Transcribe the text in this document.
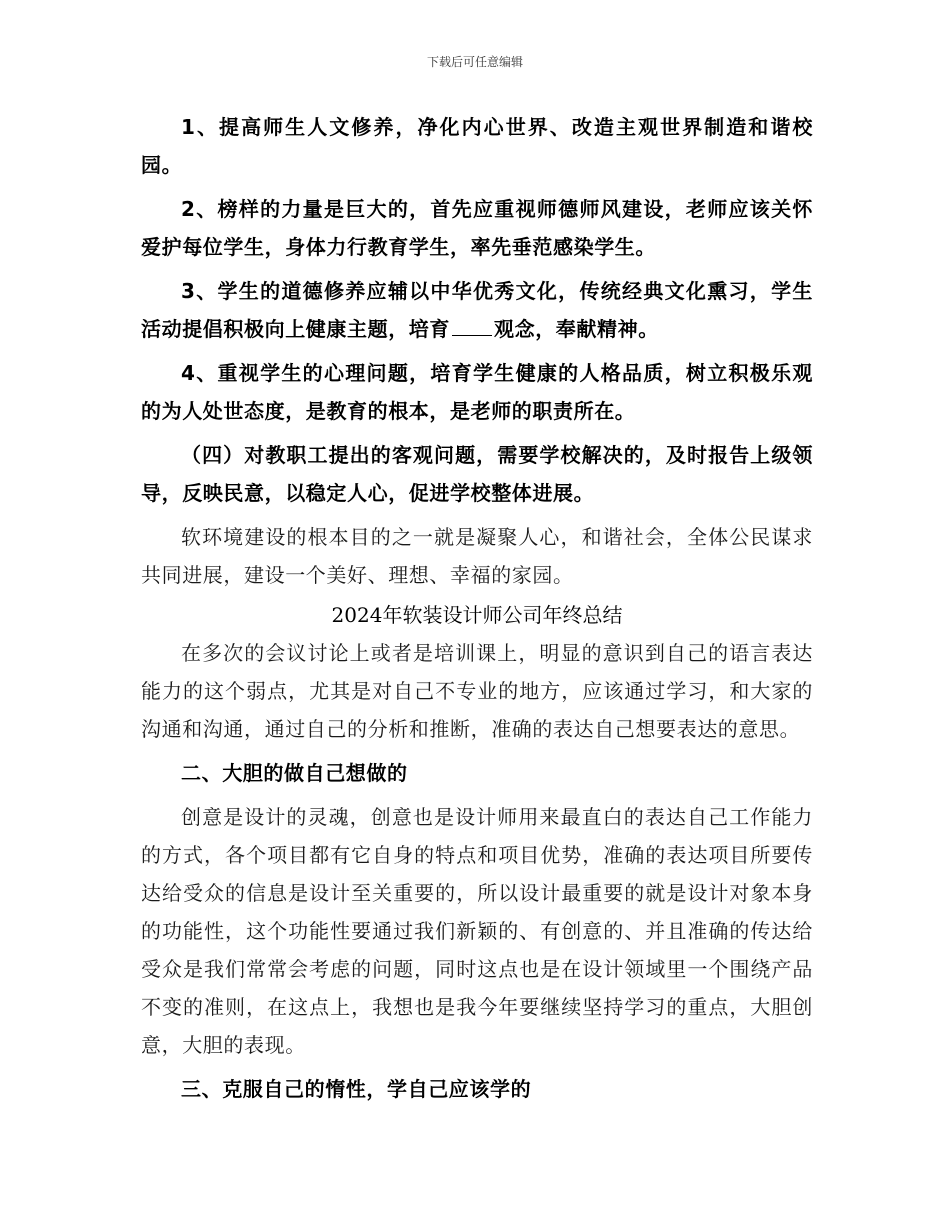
下载后可任意编辑

1、提高师生人文修养，净化内心世界、改造主观世界制造和谐校园。

2、榜样的力量是巨大的，首先应重视师德师风建设，老师应该关怀爱护每位学生，身体力行教育学生，率先垂范感染学生。

3、学生的道德修养应辅以中华优秀文化，传统经典文化熏习，学生活动提倡积极向上健康主题，培育 观念，奉献精神。

4、重视学生的心理问题，培育学生健康的人格品质，树立积极乐观的为人处世态度，是教育的根本，是老师的职责所在。

（四）对教职工提出的客观问题，需要学校解决的，及时报告上级领导，反映民意，以稳定人心，促进学校整体进展。

软环境建设的根本目的之一就是凝聚人心，和谐社会，全体公民谋求共同进展，建设一个美好、理想、幸福的家园。

2024年软装设计师公司年终总结

在多次的会议讨论上或者是培训课上，明显的意识到自己的语言表达能力的这个弱点，尤其是对自己不专业的地方，应该通过学习，和大家的沟通和沟通，通过自己的分析和推断，准确的表达自己想要表达的意思。

二、大胆的做自己想做的

创意是设计的灵魂，创意也是设计师用来最直白的表达自己工作能力的方式，各个项目都有它自身的特点和项目优势，准确的表达项目所要传达给受众的信息是设计至关重要的，所以设计最重要的就是设计对象本身的功能性，这个功能性要通过我们新颖的、有创意的、并且准确的传达给受众是我们常常会考虑的问题，同时这点也是在设计领域里一个围绕产品不变的准则，在这点上，我想也是我今年要继续坚持学习的重点，大胆创意，大胆的表现。

三、克服自己的惰性，学自己应该学的
